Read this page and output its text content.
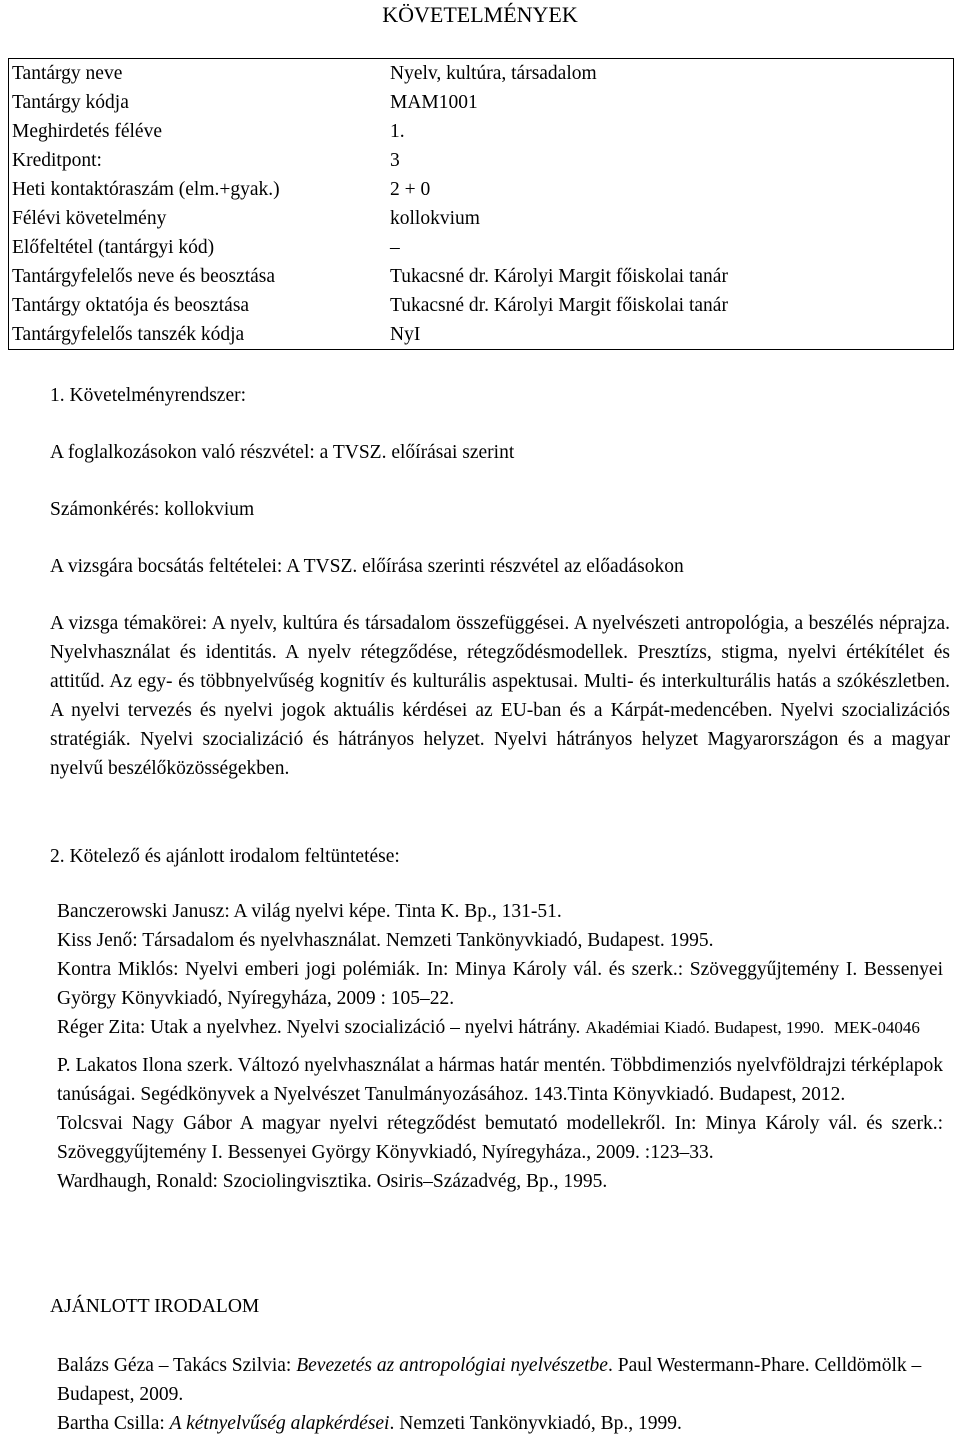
KÖVETELMÉNYEK
Tantárgy neve	Nyelv, kultúra, társadalom
Tantárgy kódja	MAM1001
Meghirdetés féléve	1.
Kreditpont:	3
Heti kontaktóraszám (elm.+gyak.)	2 + 0
Félévi követelmény	kollokvium
Előfeltétel (tantárgyi kód)	–
Tantárgyfelelős neve és beosztása	Tukacsné dr. Károlyi Margit főiskolai tanár
Tantárgy oktatója és beosztása	Tukacsné dr. Károlyi Margit főiskolai tanár
Tantárgyfelelős tanszék kódja	NyI
1. Követelményrendszer:
A foglalkozásokon való részvétel: a TVSZ. előírásai szerint
Számonkérés: kollokvium
A vizsgára bocsátás feltételei: A TVSZ. előírása szerinti részvétel az előadásokon
A vizsga témakörei: A nyelv, kultúra és társadalom összefüggései. A nyelvészeti antropológia, a beszélés néprajza. Nyelvhasználat és identitás. A nyelv rétegződése, rétegződésmodellek. Presztízs, stigma, nyelvi értékítélet és attitűd. Az egy- és többnyelvűség kognitív és kulturális aspektusai. Multi- és interkulturális hatás a szókészletben. A nyelvi tervezés és nyelvi jogok aktuális kérdései az EU-ban és a Kárpát-medencében. Nyelvi szocializációs stratégiák. Nyelvi szocializáció és hátrányos helyzet. Nyelvi hátrányos helyzet Magyarországon és a magyar nyelvű beszélőközösségekben.
2. Kötelező és ajánlott irodalom feltüntetése:

Banczerowski Janusz: A világ nyelvi képe. Tinta K. Bp., 131-51.

Kiss Jenő: Társadalom és nyelvhasználat. Nemzeti Tankönyvkiadó, Budapest. 1995.

Kontra Miklós: Nyelvi emberi jogi polémiák. In: Minya Károly vál. és szerk.: Szöveggyűjtemény I. Bessenyei György Könyvkiadó, Nyíregyháza, 2009 : 105–22.

Réger Zita: Utak a nyelvhez. Nyelvi szocializáció – nyelvi hátrány. Akadémiai Kiadó. Budapest, 1990. MEK-04046

P. Lakatos Ilona szerk. Változó nyelvhasználat a hármas határ mentén. Többdimenziós nyelvföldrajzi térképlapok tanúságai. Segédkönyvek a Nyelvészet Tanulmányozásához. 143.Tinta Könyvkiadó. Budapest, 2012.

Tolcsvai Nagy Gábor A magyar nyelvi rétegződést bemutató modellekről. In: Minya Károly vál. és szerk.: Szöveggyűjtemény I. Bessenyei György Könyvkiadó, Nyíregyháza., 2009. :123–33.

Wardhaugh, Ronald: Szociolingvisztika. Osiris–Századvég, Bp., 1995.

AJÁNLOTT IRODALOM

Balázs Géza – Takács Szilvia: Bevezetés az antropológiai nyelvészetbe. Paul Westermann-Phare. Celldömölk – Budapest, 2009.

Bartha Csilla: A kétnyelvűség alapkérdései. Nemzeti Tankönyvkiadó, Bp., 1999.
